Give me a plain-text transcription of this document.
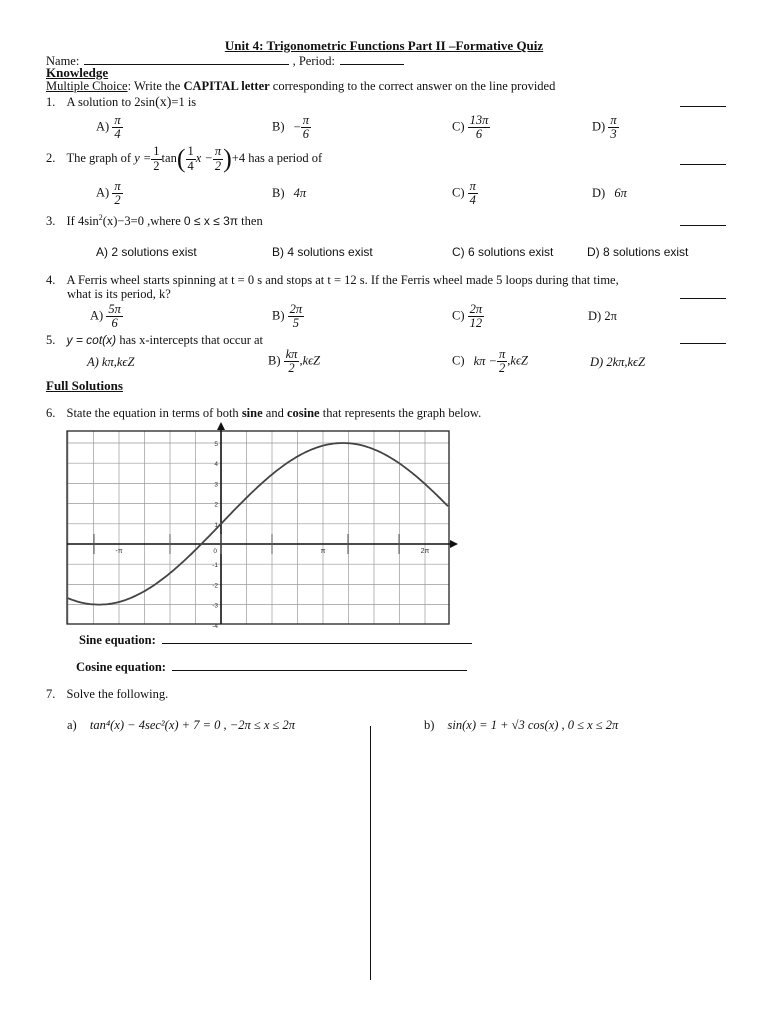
Unit 4: Trigonometric Functions Part II –Formative Quiz
Name:	, Period:
Knowledge
Multiple Choice: Write the CAPITAL letter corresponding to the correct answer on the line provided
1. A solution to 2sin(x)=1 is
$A) \frac{\pi}{4}$	$B) - \frac{\pi}{6}$	$C) \frac{13\pi}{6}$	$D) \frac{\pi}{3}$
2. The graph of $y = \frac{1}{2} \tan( \frac{1}{4}$ $x - \frac{\pi}{2} )+4$ has a period of
$A) \frac{\pi}{2}$	B) 4π	$C) \frac{\pi}{4}$	D) 6π
3. If $4\sin^2(x)-3=0$ ,where 0 ≤ x ≤ 3π then
A) 2 solutions exist	B) 4 solutions exist	C) 6 solutions exist	D) 8 solutions exist
4. A Ferris wheel starts spinning at t = 0 s and stops at t = 12 s. If the Ferris wheel made 5 loops during that time,
what is its period, k?
$A) \frac{5\pi}{6}$	$B) \frac{2\pi}{5}$	$C) \frac{2\pi}{12}$	D) 2π
5. y = cot(x) has x-intercepts that occur at
A) kπ,kϵZ	$B) \frac{k\pi}{2} ,k\epsilon Z$	C) $k\pi - \frac{\pi}{2} ,k\epsilon Z$	D) 2kπ,kϵZ
Full Solutions
6. State the equation in terms of both sine and cosine that represents the graph below.
5
4
3
2
1
-1
-2
-3
-4
-π	π	2π
0
Sine equation:
Cosine equation:
7. Solve the following.
a) tan⁴(x) − 4sec²(x) + 7 = 0 , −2π ≤ x ≤ 2π	b) sin(x) = 1 + √3 cos(x) , 0 ≤ x ≤ 2π
